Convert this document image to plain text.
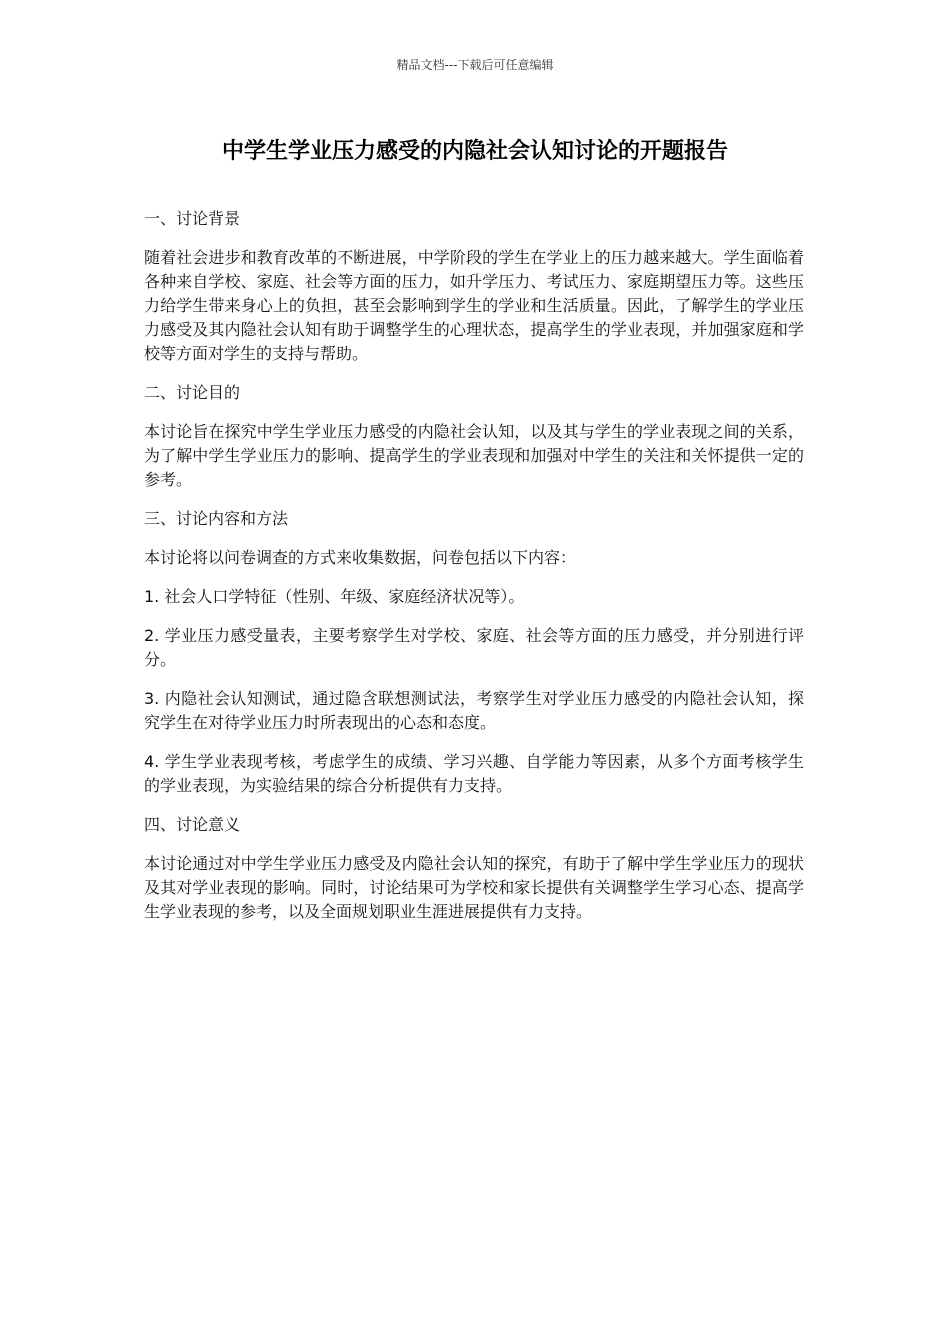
精品文档---下载后可任意编辑
中学生学业压力感受的内隐社会认知讨论的开题报告

一、讨论背景

随着社会进步和教育改革的不断进展，中学阶段的学生在学业上的压力越来越大。学生面临着各种来自学校、家庭、社会等方面的压力，如升学压力、考试压力、家庭期望压力等。这些压力给学生带来身心上的负担，甚至会影响到学生的学业和生活质量。因此，了解学生的学业压力感受及其内隐社会认知有助于调整学生的心理状态，提高学生的学业表现，并加强家庭和学校等方面对学生的支持与帮助。

二、讨论目的

本讨论旨在探究中学生学业压力感受的内隐社会认知，以及其与学生的学业表现之间的关系，为了解中学生学业压力的影响、提高学生的学业表现和加强对中学生的关注和关怀提供一定的参考。

三、讨论内容和方法

本讨论将以问卷调查的方式来收集数据，问卷包括以下内容：

1. 社会人口学特征（性别、年级、家庭经济状况等）。

2. 学业压力感受量表，主要考察学生对学校、家庭、社会等方面的压力感受，并分别进行评分。

3. 内隐社会认知测试，通过隐含联想测试法，考察学生对学业压力感受的内隐社会认知，探究学生在对待学业压力时所表现出的心态和态度。

4. 学生学业表现考核，考虑学生的成绩、学习兴趣、自学能力等因素，从多个方面考核学生的学业表现，为实验结果的综合分析提供有力支持。

四、讨论意义

本讨论通过对中学生学业压力感受及内隐社会认知的探究，有助于了解中学生学业压力的现状及其对学业表现的影响。同时，讨论结果可为学校和家长提供有关调整学生学习心态、提高学生学业表现的参考，以及全面规划职业生涯进展提供有力支持。
